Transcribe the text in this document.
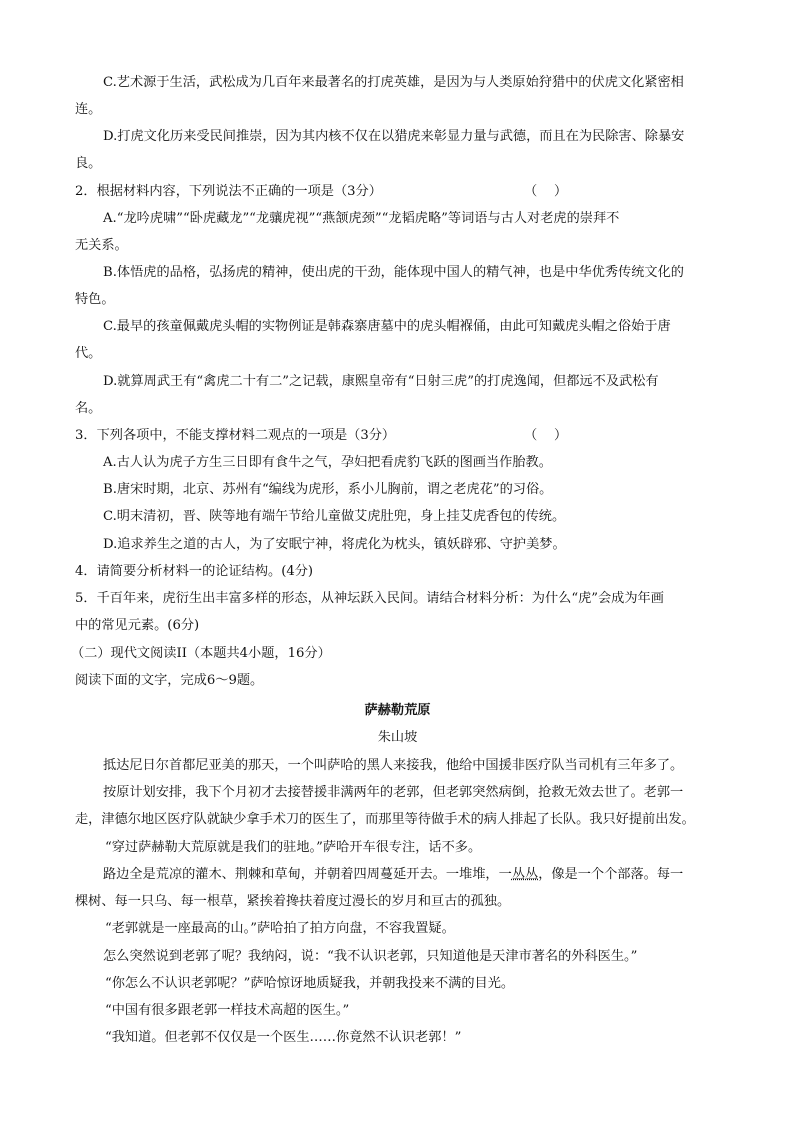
C.艺术源于生活，武松成为几百年来最著名的打虎英雄，是因为与人类原始狩猎中的伏虎文化紧密相
连。
D.打虎文化历来受民间推崇，因为其内核不仅在以猎虎来彰显力量与武德，而且在为民除害、除暴安
良。
2．根据材料内容，下列说法不正确的一项是（3分）	（    ）
A.“龙吟虎啸”“卧虎藏龙”“龙骧虎视”“燕颔虎颈”“龙韬虎略”等词语与古人对老虎的崇拜不
无关系。
B.体悟虎的品格，弘扬虎的精神，使出虎的干劲，能体现中国人的精气神，也是中华优秀传统文化的
特色。
C.最早的孩童佩戴虎头帽的实物例证是韩森寨唐墓中的虎头帽褓俑，由此可知戴虎头帽之俗始于唐
代。
D.就算周武王有“禽虎二十有二”之记载，康熙皇帝有“日射三虎”的打虎逸闻，但都远不及武松有
名。
3．下列各项中，不能支撑材料二观点的一项是（3分）	（    ）
A.古人认为虎子方生三日即有食牛之气，孕妇把看虎豹飞跃的图画当作胎教。
B.唐宋时期，北京、苏州有“编线为虎形，系小儿胸前，谓之老虎花”的习俗。
C.明末清初，晋、陕等地有端午节给儿童做艾虎肚兜，身上挂艾虎香包的传统。
D.追求养生之道的古人，为了安眠宁神，将虎化为枕头，镇妖辟邪、守护美梦。
4．请简要分析材料一的论证结构。(4分)
5．千百年来，虎衍生出丰富多样的形态，从神坛跃入民间。请结合材料分析：为什么“虎”会成为年画
中的常见元素。(6分)
（二）现代文阅读II（本题共4小题，16分）
阅读下面的文字，完成6～9题。
萨赫勒荒原
朱山坡
抵达尼日尔首都尼亚美的那天，一个叫萨哈的黑人来接我，他给中国援非医疗队当司机有三年多了。
按原计划安排，我下个月初才去接替援非满两年的老郭，但老郭突然病倒，抢救无效去世了。老郭一
走，津德尔地区医疗队就缺少拿手术刀的医生了，而那里等待做手术的病人排起了长队。我只好提前出发。
“穿过萨赫勒大荒原就是我们的驻地。”萨哈开车很专注，话不多。
路边全是荒凉的灌木、荆棘和草甸，并朝着四周蔓延开去。一堆堆，一丛丛，像是一个个部落。每一
棵树、每一只乌、每一根草，紧挨着搀扶着度过漫长的岁月和亘古的孤独。
“老郭就是一座最高的山。”萨哈拍了拍方向盘，不容我置疑。
怎么突然说到老郭了呢？我纳闷，说：“我不认识老郭，只知道他是天津市著名的外科医生。”
“你怎么不认识老郭呢？”萨哈惊讶地质疑我，并朝我投来不满的目光。
“中国有很多跟老郭一样技术高超的医生。”
“我知道。但老郭不仅仅是一个医生……你竟然不认识老郭！”
